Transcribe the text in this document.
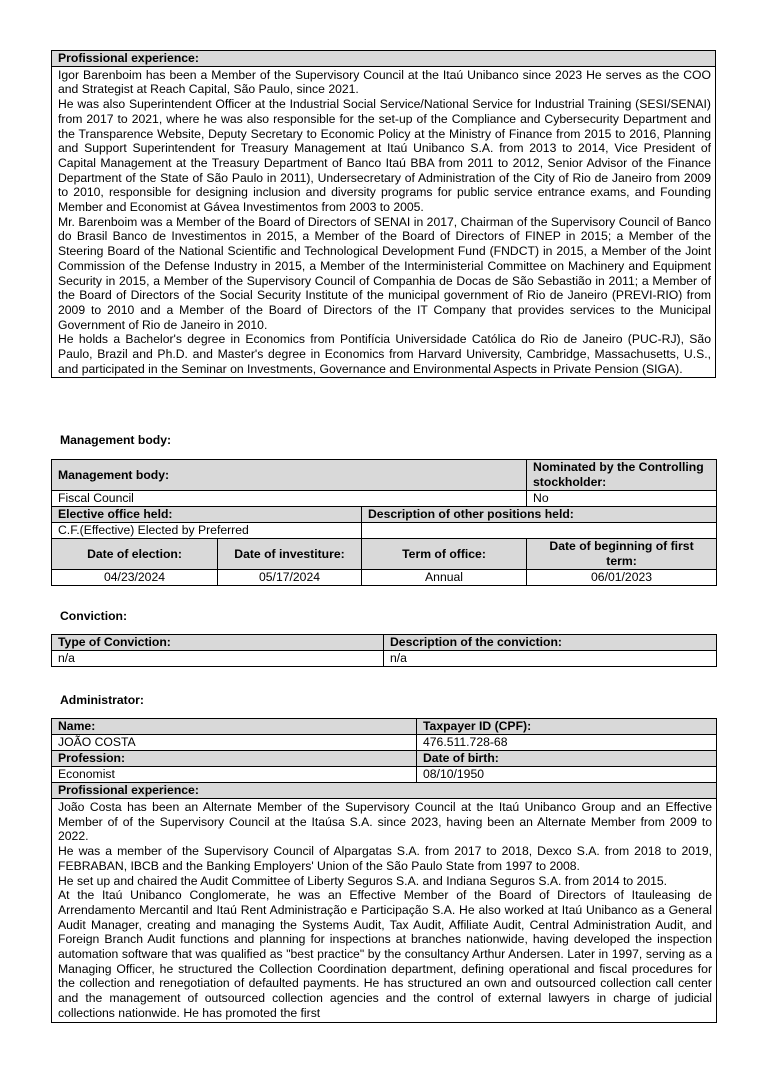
Profissional experience:

Igor Barenboim has been a Member of the Supervisory Council at the Itaú Unibanco since 2023 He serves as the COO and Strategist at Reach Capital, São Paulo, since 2021.

He was also Superintendent Officer at the Industrial Social Service/National Service for Industrial Training (SESI/SENAI) from 2017 to 2021, where he was also responsible for the set-up of the Compliance and Cybersecurity Department and the Transparence Website, Deputy Secretary to Economic Policy at the Ministry of Finance from 2015 to 2016, Planning and Support Superintendent for Treasury Management at Itaú Unibanco S.A. from 2013 to 2014, Vice President of Capital Management at the Treasury Department of Banco Itaú BBA from 2011 to 2012, Senior Advisor of the Finance Department of the State of São Paulo in 2011), Undersecretary of Administration of the City of Rio de Janeiro from 2009 to 2010, responsible for designing inclusion and diversity programs for public service entrance exams, and Founding Member and Economist at Gávea Investimentos from 2003 to 2005.

Mr. Barenboim was a Member of the Board of Directors of SENAI in 2017, Chairman of the Supervisory Council of Banco do Brasil Banco de Investimentos in 2015, a Member of the Board of Directors of FINEP in 2015; a Member of the Steering Board of the National Scientific and Technological Development Fund (FNDCT) in 2015, a Member of the Joint Commission of the Defense Industry in 2015, a Member of the Interministerial Committee on Machinery and Equipment Security in 2015, a Member of the Supervisory Council of Companhia de Docas de São Sebastião in 2011; a Member of the Board of Directors of the Social Security Institute of the municipal government of Rio de Janeiro (PREVI-RIO) from 2009 to 2010 and a Member of the Board of Directors of the IT Company that provides services to the Municipal Government of Rio de Janeiro in 2010.

He holds a Bachelor's degree in Economics from Pontifícia Universidade Católica do Rio de Janeiro (PUC-RJ), São Paulo, Brazil and Ph.D. and Master's degree in Economics from Harvard University, Cambridge, Massachusetts, U.S., and participated in the Seminar on Investments, Governance and Environmental Aspects in Private Pension (SIGA).

Management body:
Management body:			Nominated by the Controlling stockholder:
Fiscal Council			No
Elective office held:		Description of other positions held:	
C.F.(Effective) Elected by Preferred			
Date of election:	Date of investiture:	Term of office:	Date of beginning of first term:
04/23/2024	05/17/2024	Annual	06/01/2023
Conviction:
Type of Conviction:	Description of the conviction:
n/a	n/a
Administrator:
Name:	Taxpayer ID (CPF):
JOÃO COSTA	476.511.728-68
Profession:	Date of birth:
Economist	08/10/1950
Profissional experience:	

João Costa has been an Alternate Member of the Supervisory Council at the Itaú Unibanco Group and an Effective Member of of the Supervisory Council at the Itaúsa S.A. since 2023, having been an Alternate Member from 2009 to 2022.

He was a member of the Supervisory Council of Alpargatas S.A. from 2017 to 2018, Dexco S.A. from 2018 to 2019, FEBRABAN, IBCB and the Banking Employers' Union of the São Paulo State from 1997 to 2008.

He set up and chaired the Audit Committee of Liberty Seguros S.A. and Indiana Seguros S.A. from 2014 to 2015.

At the Itaú Unibanco Conglomerate, he was an Effective Member of the Board of Directors of Itauleasing de Arrendamento Mercantil and Itaú Rent Administração e Participação S.A. He also worked at Itaú Unibanco as a General Audit Manager, creating and managing the Systems Audit, Tax Audit, Affiliate Audit, Central Administration Audit, and Foreign Branch Audit functions and planning for inspections at branches nationwide, having developed the inspection automation software that was qualified as "best practice" by the consultancy Arthur Andersen. Later in 1997, serving as a Managing Officer, he structured the Collection Coordination department, defining operational and fiscal procedures for the collection and renegotiation of defaulted payments. He has structured an own and outsourced collection call center and the management of outsourced collection agencies and the control of external lawyers in charge of judicial collections nationwide. He has promoted the first	
